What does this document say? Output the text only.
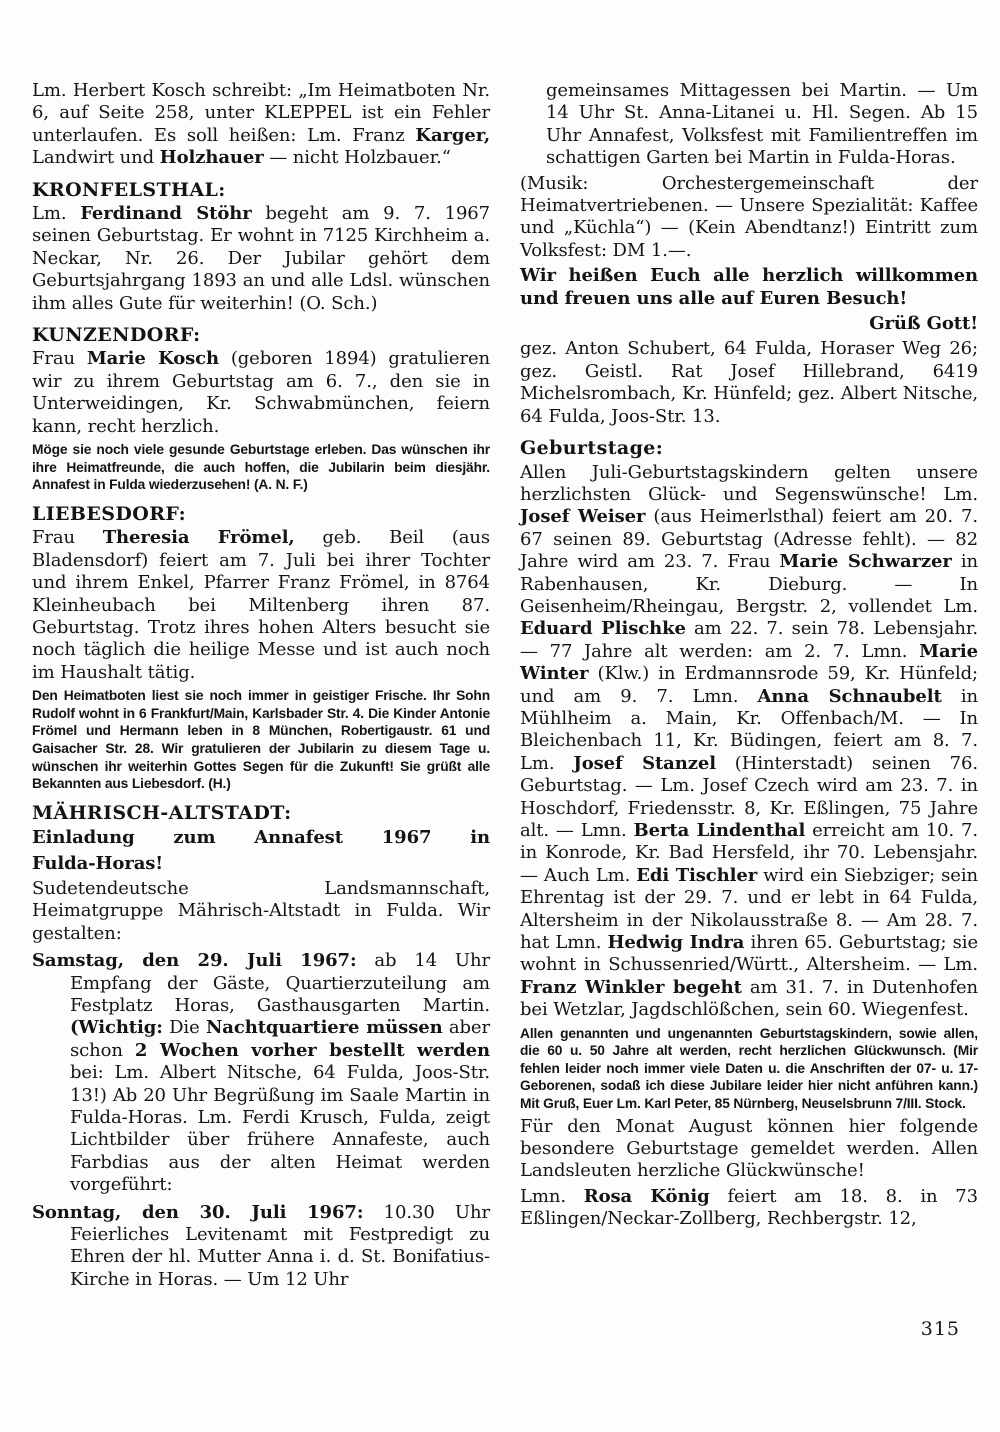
Lm. Herbert Kosch schreibt: „Im Heimatboten Nr. 6, auf Seite 258, unter KLEPPEL ist ein Fehler unterlaufen. Es soll heißen: Lm. Franz Karger, Landwirt und Holzhauer — nicht Holzbauer.“
KRONFELSTHAL:
Lm. Ferdinand Stöhr begeht am 9. 7. 1967 seinen Geburtstag. Er wohnt in 7125 Kirchheim a. Neckar, Nr. 26. Der Jubilar gehört dem Geburtsjahrgang 1893 an und alle Ldsl. wünschen ihm alles Gute für weiterhin! (O. Sch.)
KUNZENDORF:
Frau Marie Kosch (geboren 1894) gratulieren wir zu ihrem Geburtstag am 6. 7., den sie in Unterweidingen, Kr. Schwabmünchen, feiern kann, recht herzlich.
Möge sie noch viele gesunde Geburtstage erleben. Das wünschen ihr ihre Heimatfreunde, die auch hoffen, die Jubilarin beim diesjähr. Annafest in Fulda wiederzusehen! (A. N. F.)
LIEBESDORF:
Frau Theresia Frömel, geb. Beil (aus Bladensdorf) feiert am 7. Juli bei ihrer Tochter und ihrem Enkel, Pfarrer Franz Frömel, in 8764 Kleinheubach bei Miltenberg ihren 87. Geburtstag. Trotz ihres hohen Alters besucht sie noch täglich die heilige Messe und ist auch noch im Haushalt tätig.
Den Heimatboten liest sie noch immer in geistiger Frische. Ihr Sohn Rudolf wohnt in 6 Frankfurt/Main, Karlsbader Str. 4. Die Kinder Antonie Frömel und Hermann leben in 8 München, Robertigaustr. 61 und Gaisacher Str. 28. Wir gratulieren der Jubilarin zu diesem Tage u. wünschen ihr weiterhin Gottes Segen für die Zukunft! Sie grüßt alle Bekannten aus Liebesdorf. (H.)
MÄHRISCH-ALTSTADT:
Einladung zum Annafest 1967 in
Fulda-Horas!
Sudetendeutsche Landsmannschaft, Heimatgruppe Mährisch-Altstadt in Fulda. Wir gestalten:
Samstag, den 29. Juli 1967: ab 14 Uhr Empfang der Gäste, Quartierzuteilung am Festplatz Horas, Gasthausgarten Martin. (Wichtig: Die Nachtquartiere müssen aber schon 2 Wochen vorher bestellt werden bei: Lm. Albert Nitsche, 64 Fulda, Joos-Str. 13!) Ab 20 Uhr Begrüßung im Saale Martin in Fulda-Horas. Lm. Ferdi Krusch, Fulda, zeigt Lichtbilder über frühere Annafeste, auch Farbdias aus der alten Heimat werden vorgeführt:
Sonntag, den 30. Juli 1967: 10.30 Uhr Feierliches Levitenamt mit Festpredigt zu Ehren der hl. Mutter Anna i. d. St. Bonifatius-Kirche in Horas. — Um 12 Uhr
gemeinsames Mittagessen bei Martin. — Um 14 Uhr St. Anna-Litanei u. Hl. Segen. Ab 15 Uhr Annafest, Volksfest mit Familientreffen im schattigen Garten bei Martin in Fulda-Horas.
(Musik: Orchestergemeinschaft der Heimatvertriebenen. — Unsere Spezialität: Kaffee und „Küchla“) — (Kein Abendtanz!) Eintritt zum Volksfest: DM 1.—.
Wir heißen Euch alle herzlich willkommen und freuen uns alle auf Euren Besuch!
Grüß Gott!
gez. Anton Schubert, 64 Fulda, Horaser Weg 26; gez. Geistl. Rat Josef Hillebrand, 6419 Michelsrombach, Kr. Hünfeld; gez. Albert Nitsche, 64 Fulda, Joos-Str. 13.
Geburtstage:
Allen Juli-Geburtstagskindern gelten unsere herzlichsten Glück- und Segenswünsche! Lm. Josef Weiser (aus Heimerlsthal) feiert am 20. 7. 67 seinen 89. Geburtstag (Adresse fehlt). — 82 Jahre wird am 23. 7. Frau Marie Schwarzer in Rabenhausen, Kr. Dieburg. — In Geisenheim/Rheingau, Bergstr. 2, vollendet Lm. Eduard Plischke am 22. 7. sein 78. Lebensjahr. — 77 Jahre alt werden: am 2. 7. Lmn. Marie Winter (Klw.) in Erdmannsrode 59, Kr. Hünfeld; und am 9. 7. Lmn. Anna Schnaubelt in Mühlheim a. Main, Kr. Offenbach/M. — In Bleichenbach 11, Kr. Büdingen, feiert am 8. 7. Lm. Josef Stanzel (Hinterstadt) seinen 76. Geburtstag. — Lm. Josef Czech wird am 23. 7. in Hoschdorf, Friedensstr. 8, Kr. Eßlingen, 75 Jahre alt. — Lmn. Berta Lindenthal erreicht am 10. 7. in Konrode, Kr. Bad Hersfeld, ihr 70. Lebensjahr. — Auch Lm. Edi Tischler wird ein Siebziger; sein Ehrentag ist der 29. 7. und er lebt in 64 Fulda, Altersheim in der Nikolausstraße 8. — Am 28. 7. hat Lmn. Hedwig Indra ihren 65. Geburtstag; sie wohnt in Schussenried/Württ., Altersheim. — Lm. Franz Winkler begeht am 31. 7. in Dutenhofen bei Wetzlar, Jagdschlößchen, sein 60. Wiegenfest.
Allen genannten und ungenannten Geburtstagskindern, sowie allen, die 60 u. 50 Jahre alt werden, recht herzlichen Glückwunsch. (Mir fehlen leider noch immer viele Daten u. die Anschriften der 07- u. 17-Geborenen, sodaß ich diese Jubilare leider hier nicht anführen kann.) Mit Gruß, Euer Lm. Karl Peter, 85 Nürnberg, Neuselsbrunn 7/III. Stock.
Für den Monat August können hier folgende besondere Geburtstage gemeldet werden. Allen Landsleuten herzliche Glückwünsche!
Lmn. Rosa König feiert am 18. 8. in 73 Eßlingen/Neckar-Zollberg, Rechbergstr. 12,
315
